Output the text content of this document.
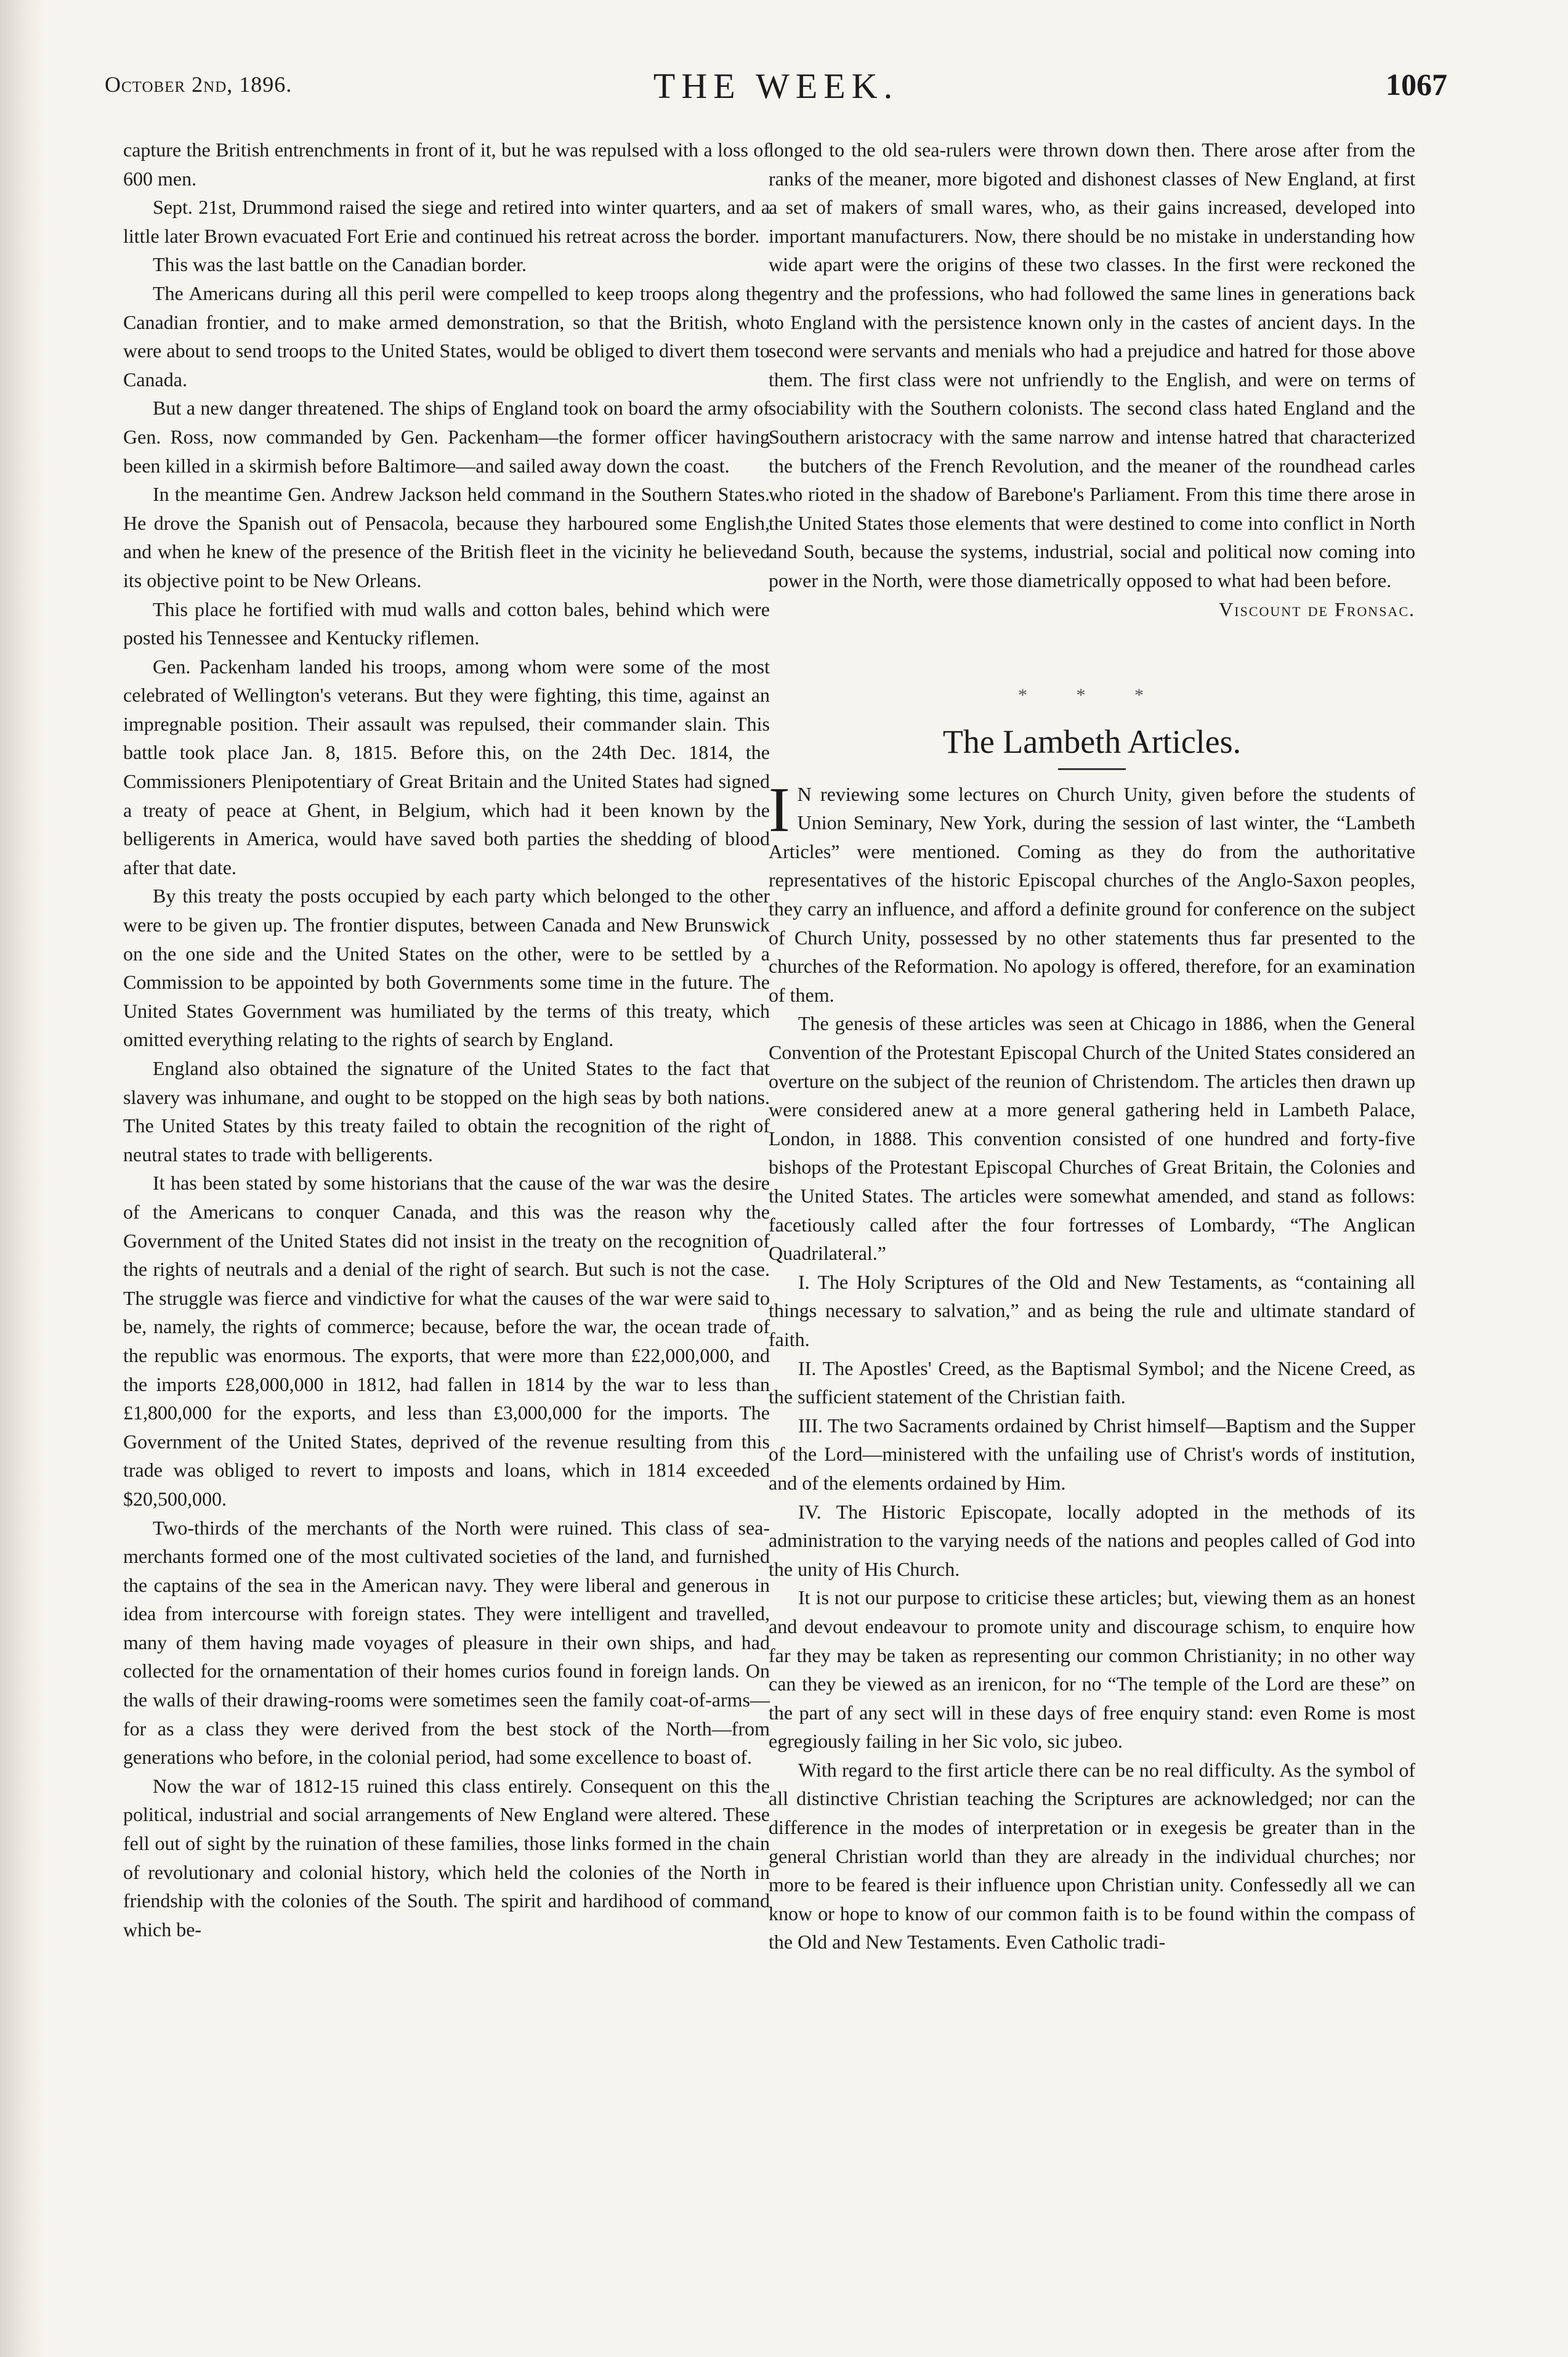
October 2nd, 1896.	THE WEEK.	1067

capture the British entrenchments in front of it, but he was repulsed with a loss of 600 men.

Sept. 21st, Drummond raised the siege and retired into winter quarters, and a little later Brown evacuated Fort Erie and continued his retreat across the border.

This was the last battle on the Canadian border.

The Americans during all this peril were compelled to keep troops along the Canadian frontier, and to make armed demonstration, so that the British, who were about to send troops to the United States, would be obliged to divert them to Canada.

But a new danger threatened. The ships of England took on board the army of Gen. Ross, now commanded by Gen. Packenham—the former officer having been killed in a skirmish before Baltimore—and sailed away down the coast.

In the meantime Gen. Andrew Jackson held command in the Southern States. He drove the Spanish out of Pensacola, because they harboured some English, and when he knew of the presence of the British fleet in the vicinity he believed its objective point to be New Orleans.

This place he fortified with mud walls and cotton bales, behind which were posted his Tennessee and Kentucky riflemen.

Gen. Packenham landed his troops, among whom were some of the most celebrated of Wellington's veterans. But they were fighting, this time, against an impregnable position. Their assault was repulsed, their commander slain. This battle took place Jan. 8, 1815. Before this, on the 24th Dec. 1814, the Commissioners Plenipotentiary of Great Britain and the United States had signed a treaty of peace at Ghent, in Belgium, which had it been known by the belligerents in America, would have saved both parties the shedding of blood after that date.

By this treaty the posts occupied by each party which belonged to the other were to be given up. The frontier disputes, between Canada and New Brunswick on the one side and the United States on the other, were to be settled by a Commission to be appointed by both Governments some time in the future. The United States Government was humiliated by the terms of this treaty, which omitted everything relating to the rights of search by England.

England also obtained the signature of the United States to the fact that slavery was inhumane, and ought to be stopped on the high seas by both nations. The United States by this treaty failed to obtain the recognition of the right of neutral states to trade with belligerents.

It has been stated by some historians that the cause of the war was the desire of the Americans to conquer Canada, and this was the reason why the Government of the United States did not insist in the treaty on the recognition of the rights of neutrals and a denial of the right of search. But such is not the case. The struggle was fierce and vindictive for what the causes of the war were said to be, namely, the rights of commerce; because, before the war, the ocean trade of the republic was enormous. The exports, that were more than £22,000,000, and the imports £28,000,000 in 1812, had fallen in 1814 by the war to less than £1,800,000 for the exports, and less than £3,000,000 for the imports. The Government of the United States, deprived of the revenue resulting from this trade was obliged to revert to imposts and loans, which in 1814 exceeded $20,500,000.

Two-thirds of the merchants of the North were ruined. This class of sea-merchants formed one of the most cultivated societies of the land, and furnished the captains of the sea in the American navy. They were liberal and generous in idea from intercourse with foreign states. They were intelligent and travelled, many of them having made voyages of pleasure in their own ships, and had collected for the ornamentation of their homes curios found in foreign lands. On the walls of their drawing-rooms were sometimes seen the family coat-of-arms—for as a class they were derived from the best stock of the North—from generations who before, in the colonial period, had some excellence to boast of.

Now the war of 1812-15 ruined this class entirely. Consequent on this the political, industrial and social arrangements of New England were altered. These fell out of sight by the ruination of these families, those links formed in the chain of revolutionary and colonial history, which held the colonies of the North in friendship with the colonies of the South. The spirit and hardihood of command which be-

longed to the old sea-rulers were thrown down then. There arose after from the ranks of the meaner, more bigoted and dishonest classes of New England, at first a set of makers of small wares, who, as their gains increased, developed into important manufacturers. Now, there should be no mistake in understanding how wide apart were the origins of these two classes. In the first were reckoned the gentry and the professions, who had followed the same lines in generations back to England with the persistence known only in the castes of ancient days. In the second were servants and menials who had a prejudice and hatred for those above them. The first class were not unfriendly to the English, and were on terms of sociability with the Southern colonists. The second class hated England and the Southern aristocracy with the same narrow and intense hatred that characterized the butchers of the French Revolution, and the meaner of the roundhead carles who rioted in the shadow of Barebone's Parliament. From this time there arose in the United States those elements that were destined to come into conflict in North and South, because the systems, industrial, social and political now coming into power in the North, were those diametrically opposed to what had been before.

Viscount de Fronsac.

* * *
The Lambeth Articles.

I N reviewing some lectures on Church Unity, given before the students of Union Seminary, New York, during the session of last winter, the “Lambeth Articles” were mentioned. Coming as they do from the authoritative representatives of the historic Episcopal churches of the Anglo-Saxon peoples, they carry an influence, and afford a definite ground for conference on the subject of Church Unity, possessed by no other statements thus far presented to the churches of the Reformation. No apology is offered, therefore, for an examination of them.

The genesis of these articles was seen at Chicago in 1886, when the General Convention of the Protestant Episcopal Church of the United States considered an overture on the subject of the reunion of Christendom. The articles then drawn up were considered anew at a more general gathering held in Lambeth Palace, London, in 1888. This convention consisted of one hundred and forty-five bishops of the Protestant Episcopal Churches of Great Britain, the Colonies and the United States. The articles were somewhat amended, and stand as follows: facetiously called after the four fortresses of Lombardy, “The Anglican Quadrilateral.”

I. The Holy Scriptures of the Old and New Testaments, as “containing all things necessary to salvation,” and as being the rule and ultimate standard of faith.

II. The Apostles' Creed, as the Baptismal Symbol; and the Nicene Creed, as the sufficient statement of the Christian faith.

III. The two Sacraments ordained by Christ himself—Baptism and the Supper of the Lord—ministered with the unfailing use of Christ's words of institution, and of the elements ordained by Him.

IV. The Historic Episcopate, locally adopted in the methods of its administration to the varying needs of the nations and peoples called of God into the unity of His Church.

It is not our purpose to criticise these articles; but, viewing them as an honest and devout endeavour to promote unity and discourage schism, to enquire how far they may be taken as representing our common Christianity; in no other way can they be viewed as an irenicon, for no “The temple of the Lord are these” on the part of any sect will in these days of free enquiry stand: even Rome is most egregiously failing in her Sic volo, sic jubeo.

With regard to the first article there can be no real difficulty. As the symbol of all distinctive Christian teaching the Scriptures are acknowledged; nor can the difference in the modes of interpretation or in exegesis be greater than in the general Christian world than they are already in the individual churches; nor more to be feared is their influence upon Christian unity. Confessedly all we can know or hope to know of our common faith is to be found within the compass of the Old and New Testaments. Even Catholic tradi-
